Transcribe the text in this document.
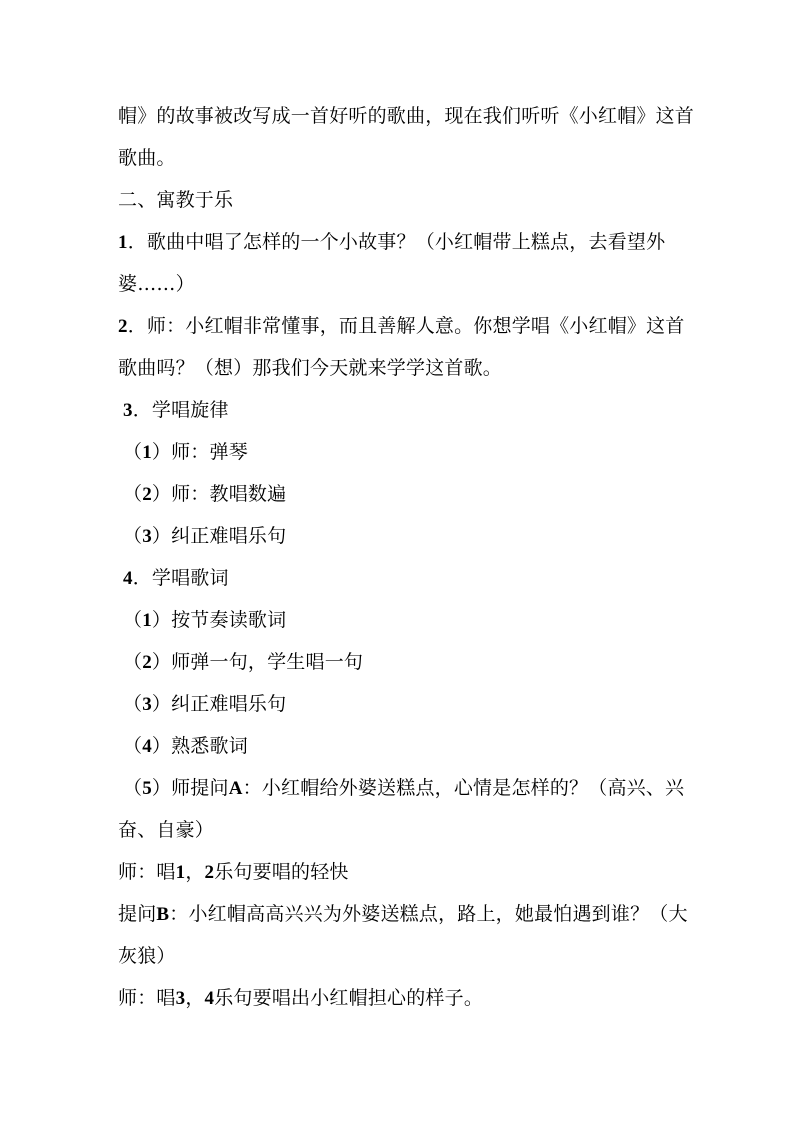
帽》的故事被改写成一首好听的歌曲，现在我们听听《小红帽》这首
歌曲。
二、寓教于乐
1．歌曲中唱了怎样的一个小故事？（小红帽带上糕点，去看望外
婆……）
2．师：小红帽非常懂事，而且善解人意。你想学唱《小红帽》这首
歌曲吗？（想）那我们今天就来学学这首歌。
3．学唱旋律
（1）师：弹琴
（2）师：教唱数遍
（3）纠正难唱乐句
4．学唱歌词
（1）按节奏读歌词
（2）师弹一句，学生唱一句
（3）纠正难唱乐句
（4）熟悉歌词
（5）师提问A：小红帽给外婆送糕点，心情是怎样的？（高兴、兴
奋、自豪）
师：唱1，2乐句要唱的轻快
提问B：小红帽高高兴兴为外婆送糕点，路上，她最怕遇到谁？（大
灰狼）
师：唱3，4乐句要唱出小红帽担心的样子。
